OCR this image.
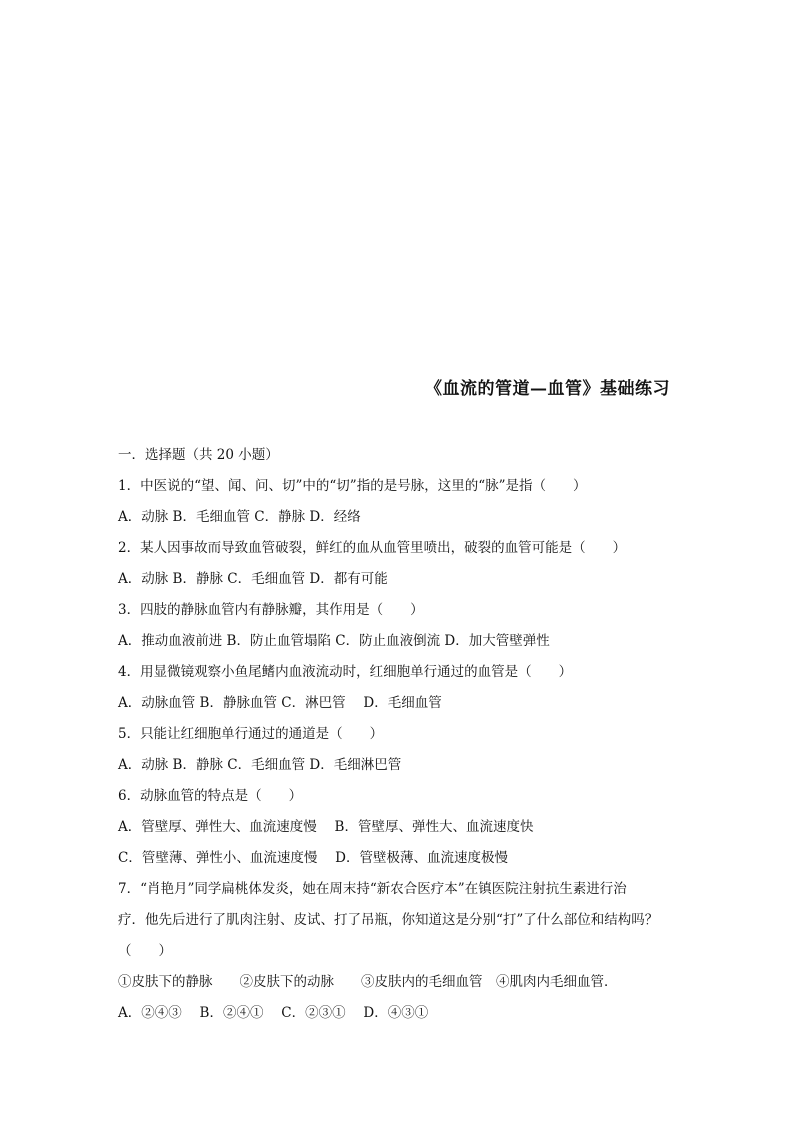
《血流的管道—血管》基础练习
一．选择题（共 20 小题）
1．中医说的“望、闻、问、切”中的“切”指的是号脉，这里的“脉”是指（　　）
A．动脉 B．毛细血管 C．静脉 D．经络
2．某人因事故而导致血管破裂，鲜红的血从血管里喷出，破裂的血管可能是（　　）
A．动脉 B．静脉 C．毛细血管 D．都有可能
3．四肢的静脉血管内有静脉瓣，其作用是（　　）
A．推动血液前进 B．防止血管塌陷 C．防止血液倒流 D．加大管壁弹性
4．用显微镜观察小鱼尾鳍内血液流动时，红细胞单行通过的血管是（　　）
A．动脉血管 B．静脉血管 C．淋巴管　 D．毛细血管
5．只能让红细胞单行通过的通道是（　　）
A．动脉 B．静脉 C．毛细血管 D．毛细淋巴管
6．动脉血管的特点是（　　）
A．管壁厚、弹性大、血流速度慢　 B．管壁厚、弹性大、血流速度快
C．管壁薄、弹性小、血流速度慢　 D．管壁极薄、血流速度极慢
7．“肖艳月”同学扁桃体发炎，她在周末持“新农合医疗本”在镇医院注射抗生素进行治
疗．他先后进行了肌肉注射、皮试、打了吊瓶，你知道这是分别“打”了什么部位和结构吗？
（　　）
①皮肤下的静脉　　②皮肤下的动脉　　③皮肤内的毛细血管　④肌肉内毛细血管．
A．②④③　 B．②④①　 C．②③①　 D．④③①
